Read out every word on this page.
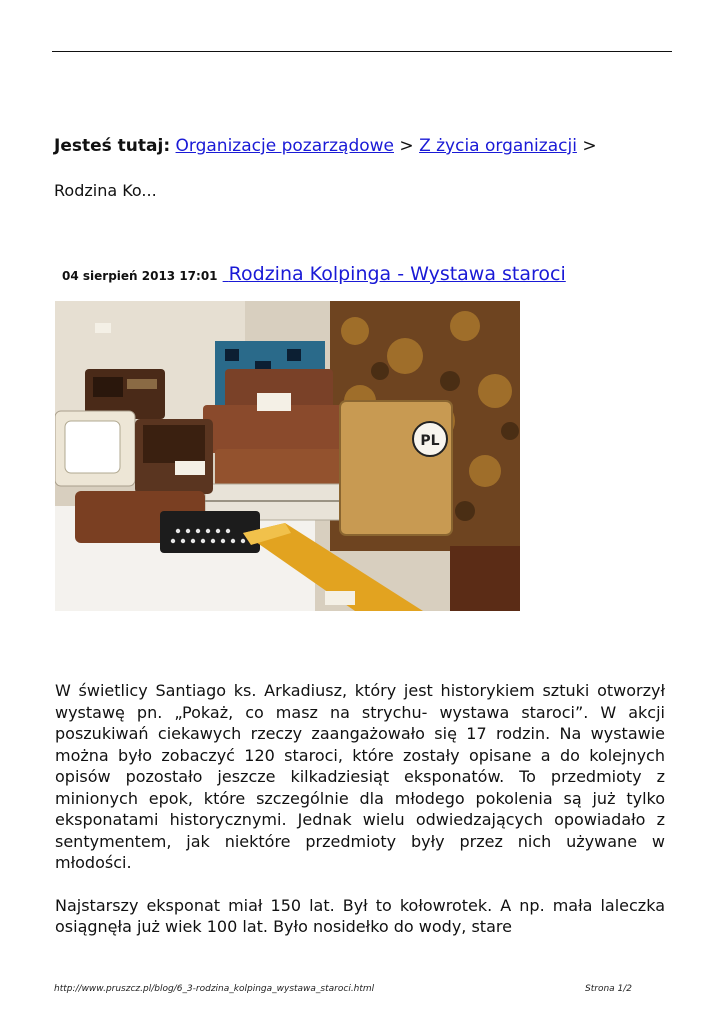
Jesteś tutaj: Organizacje pozarządowe > Z życia organizacji >
Rodzina Ko...
04 sierpień 2013 17:01 Rodzina Kolpinga - Wystawa staroci
PL

W świetlicy Santiago ks. Arkadiusz, który jest historykiem sztuki otworzył wystawę pn. „Pokaż, co masz na strychu- wystawa staroci”. W akcji poszukiwań ciekawych rzeczy zaangażowało się 17 rodzin. Na wystawie można było zobaczyć 120 staroci, które zostały opisane a do kolejnych opisów pozostało jeszcze kilkadziesiąt eksponatów. To przedmioty z minionych epok, które szczególnie dla młodego pokolenia są już tylko eksponatami historycznymi. Jednak wielu odwiedzających opowiadało z sentymentem, jak niektóre przedmioty były przez nich używane w młodości.

Najstarszy eksponat miał 150 lat. Był to kołowrotek. A np. mała laleczka osiągnęła już wiek 100 lat. Było nosidełko do wody, stare

http://www.pruszcz.pl/blog/6_3-rodzina_kolpinga_wystawa_staroci.html	Strona 1/2
